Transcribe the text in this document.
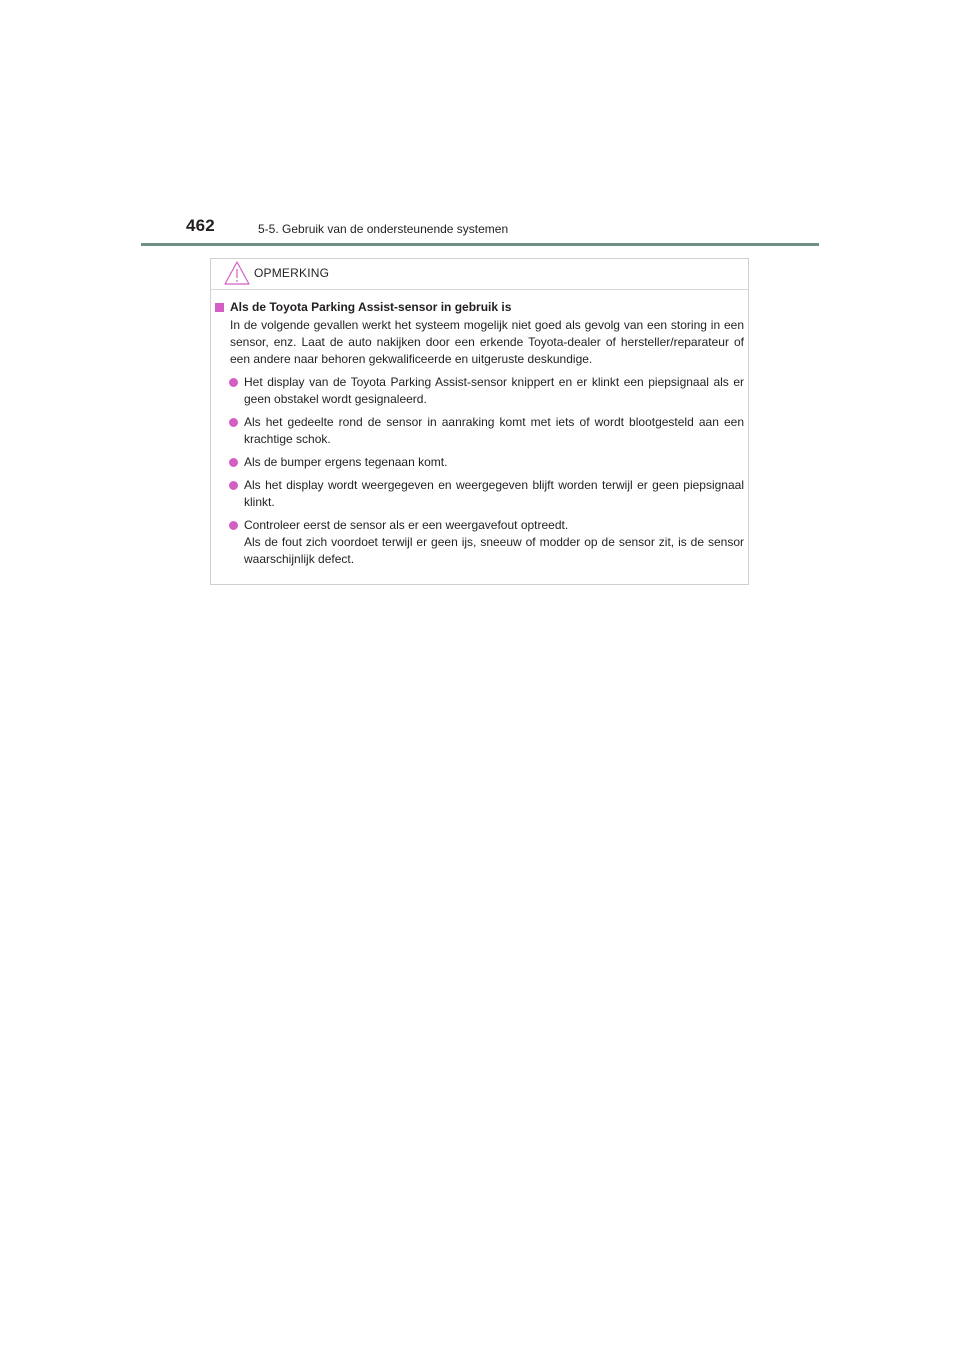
462	5-5. Gebruik van de ondersteunende systemen
OPMERKING
Als de Toyota Parking Assist-sensor in gebruik is
In de volgende gevallen werkt het systeem mogelijk niet goed als gevolg van een storing in een sensor, enz. Laat de auto nakijken door een erkende Toyota-dealer of hersteller/reparateur of een andere naar behoren gekwalificeerde en uitgeruste deskundige.
Het display van de Toyota Parking Assist-sensor knippert en er klinkt een piepsignaal als er geen obstakel wordt gesignaleerd.
Als het gedeelte rond de sensor in aanraking komt met iets of wordt blootgesteld aan een krachtige schok.
Als de bumper ergens tegenaan komt.
Als het display wordt weergegeven en weergegeven blijft worden terwijl er geen piepsignaal klinkt.
Controleer eerst de sensor als er een weergavefout optreedt.
Als de fout zich voordoet terwijl er geen ijs, sneeuw of modder op de sensor zit, is de sensor waarschijnlijk defect.
